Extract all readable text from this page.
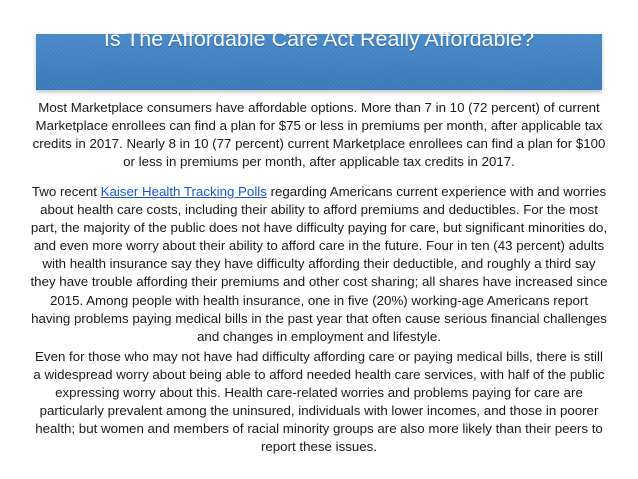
Is The Affordable Care Act Really Affordable?
Most Marketplace consumers have affordable options. More than 7 in 10 (72 percent) of current Marketplace enrollees can find a plan for $75 or less in premiums per month, after applicable tax credits in 2017. Nearly 8 in 10 (77 percent) current Marketplace enrollees can find a plan for $100 or less in premiums per month, after applicable tax credits in 2017.
Two recent Kaiser Health Tracking Polls regarding Americans current experience with and worries about health care costs, including their ability to afford premiums and deductibles. For the most part, the majority of the public does not have difficulty paying for care, but significant minorities do, and even more worry about their ability to afford care in the future. Four in ten (43 percent) adults with health insurance say they have difficulty affording their deductible, and roughly a third say they have trouble affording their premiums and other cost sharing; all shares have increased since 2015. Among people with health insurance, one in five (20%) working-age Americans report having problems paying medical bills in the past year that often cause serious financial challenges and changes in employment and lifestyle.
Even for those who may not have had difficulty affording care or paying medical bills, there is still a widespread worry about being able to afford needed health care services, with half of the public expressing worry about this. Health care-related worries and problems paying for care are particularly prevalent among the uninsured, individuals with lower incomes, and those in poorer health; but women and members of racial minority groups are also more likely than their peers to report these issues.
